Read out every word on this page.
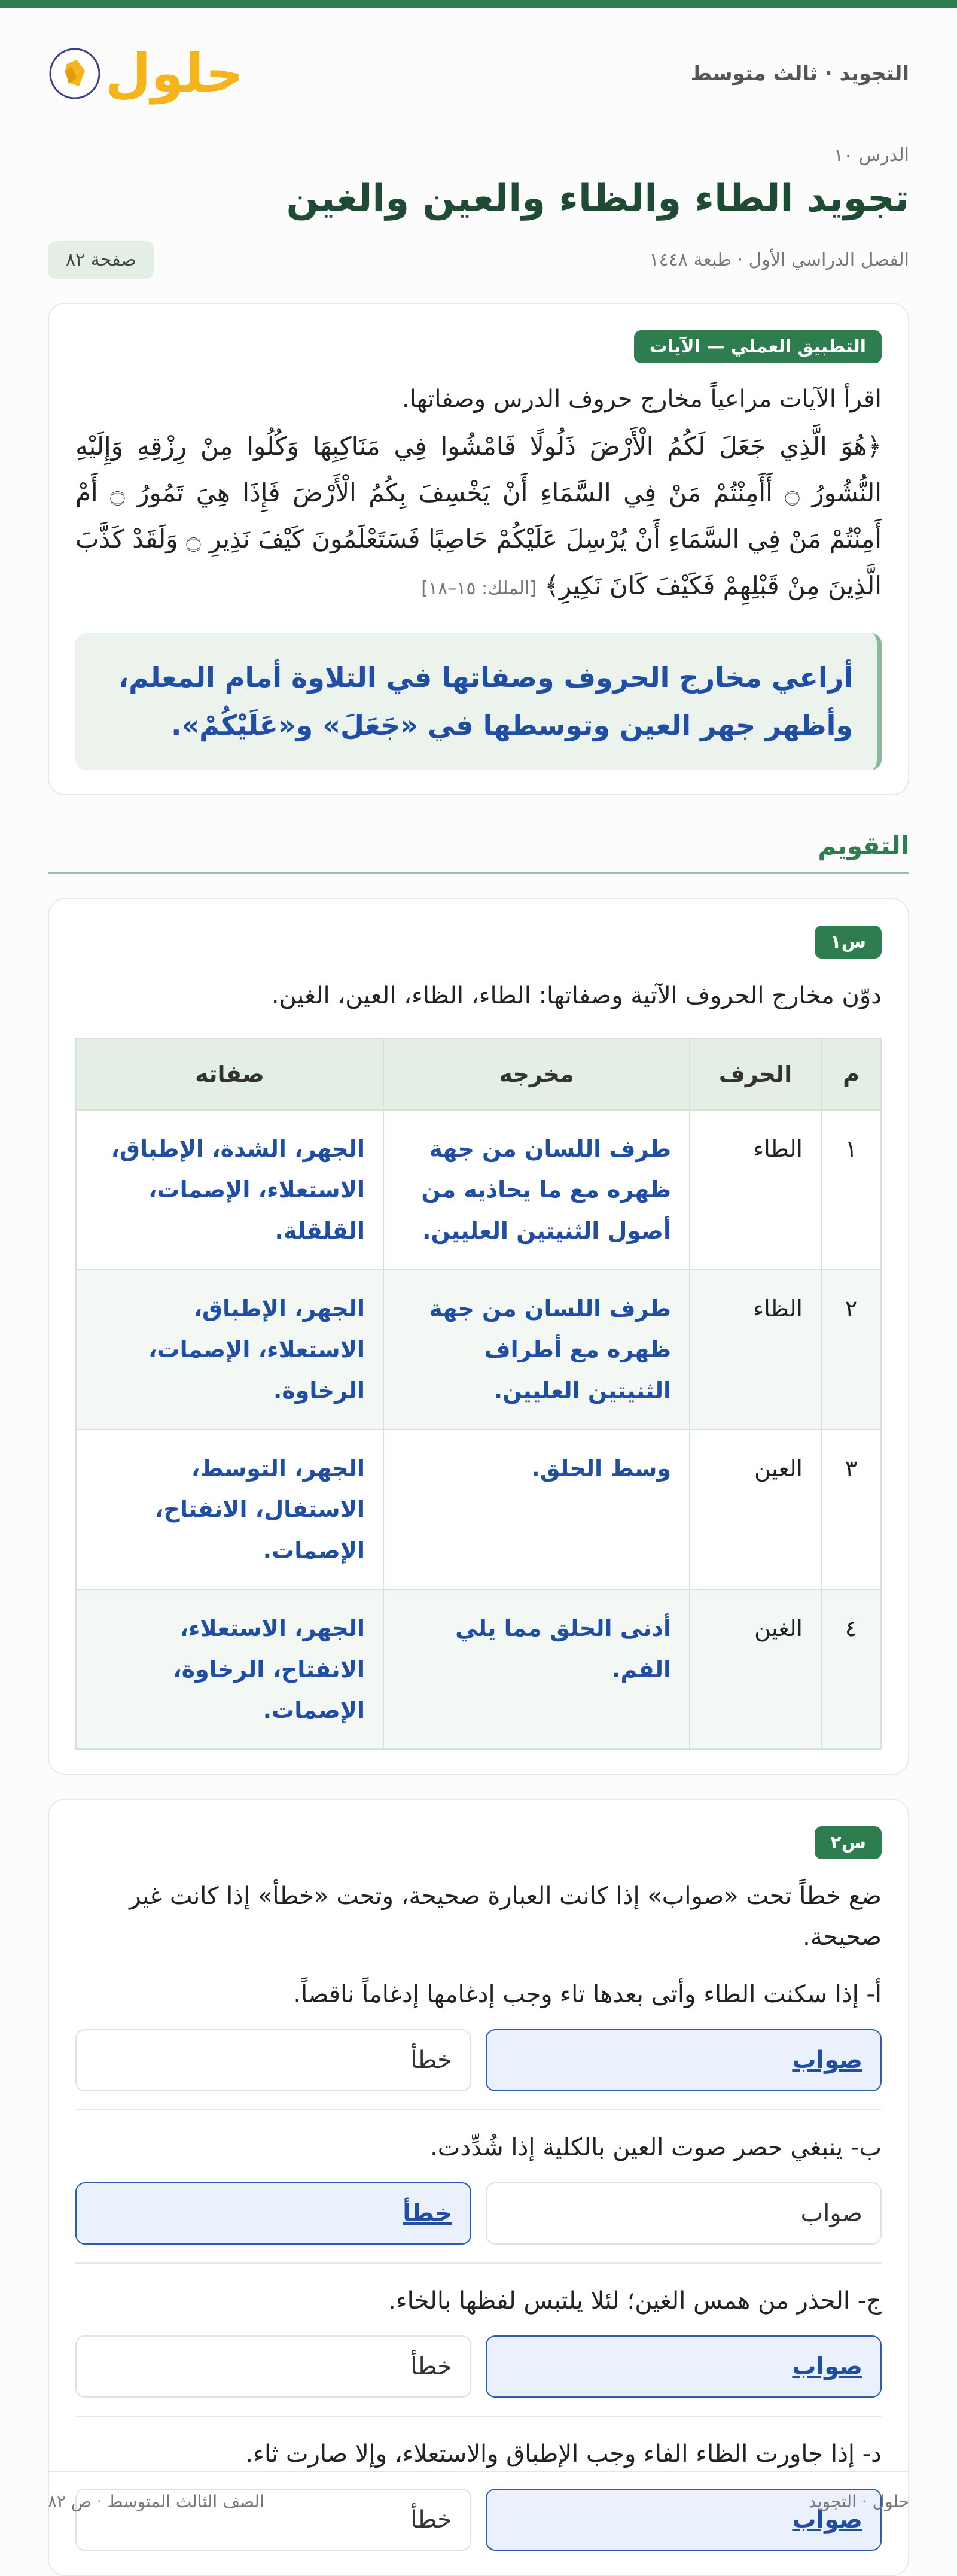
التجويد · ثالث متوسط
حلول
الدرس ١٠
تجويد الطاء والظاء والعين والغين
الفصل الدراسي الأول · طبعة ١٤٤٨
صفحة ٨٢
التطبيق العملي — الآيات

اقرأ الآيات مراعياً مخارج حروف الدرس وصفاتها.

﴿هُوَ الَّذِي جَعَلَ لَكُمُ الْأَرْضَ ذَلُولًا فَامْشُوا فِي مَنَاكِبِهَا وَكُلُوا مِنْ رِزْقِهِ وَإِلَيْهِ النُّشُورُ ۝ أَأَمِنْتُمْ مَنْ فِي السَّمَاءِ أَنْ يَخْسِفَ بِكُمُ الْأَرْضَ فَإِذَا هِيَ تَمُورُ ۝ أَمْ أَمِنْتُمْ مَنْ فِي السَّمَاءِ أَنْ يُرْسِلَ عَلَيْكُمْ حَاصِبًا فَسَتَعْلَمُونَ كَيْفَ نَذِيرِ ۝ وَلَقَدْ كَذَّبَ الَّذِينَ مِنْ قَبْلِهِمْ فَكَيْفَ كَانَ نَكِيرِ﴾ [الملك: ١٥–١٨]

أراعي مخارج الحروف وصفاتها في التلاوة أمام المعلم، وأظهر جهر العين وتوسطها في «جَعَلَ» و«عَلَيْكُمْ».

التقويم
س١

دوّن مخارج الحروف الآتية وصفاتها: الطاء، الظاء، العين، الغين.

م	الحرف	مخرجه	صفاته
١	الطاء	طرف اللسان من جهة ظهره مع ما يحاذيه من أصول الثنيتين العليين.	الجهر، الشدة، الإطباق، الاستعلاء، الإصمات، القلقلة.
٢	الظاء	طرف اللسان من جهة ظهره مع أطراف الثنيتين العليين.	الجهر، الإطباق، الاستعلاء، الإصمات، الرخاوة.
٣	العين	وسط الحلق.	الجهر، التوسط، الاستفال، الانفتاح، الإصمات.
٤	الغين	أدنى الحلق مما يلي الفم.	الجهر، الاستعلاء، الانفتاح، الرخاوة، الإصمات.
س٢

ضع خطاً تحت «صواب» إذا كانت العبارة صحيحة، وتحت «خطأ» إذا كانت غير صحيحة.

أ- إذا سكنت الطاء وأتى بعدها تاء وجب إدغامها إدغاماً ناقصاً.

صواب
خطأ

ب- ينبغي حصر صوت العين بالكلية إذا شُدِّدت.

صواب
خطأ

ج- الحذر من همس الغين؛ لئلا يلتبس لفظها بالخاء.

صواب
خطأ

د- إذا جاورت الظاء الفاء وجب الإطباق والاستعلاء، وإلا صارت ثاء.

صواب
خطأ
حلول · التجويد
الصف الثالث المتوسط · ص ٨٢
